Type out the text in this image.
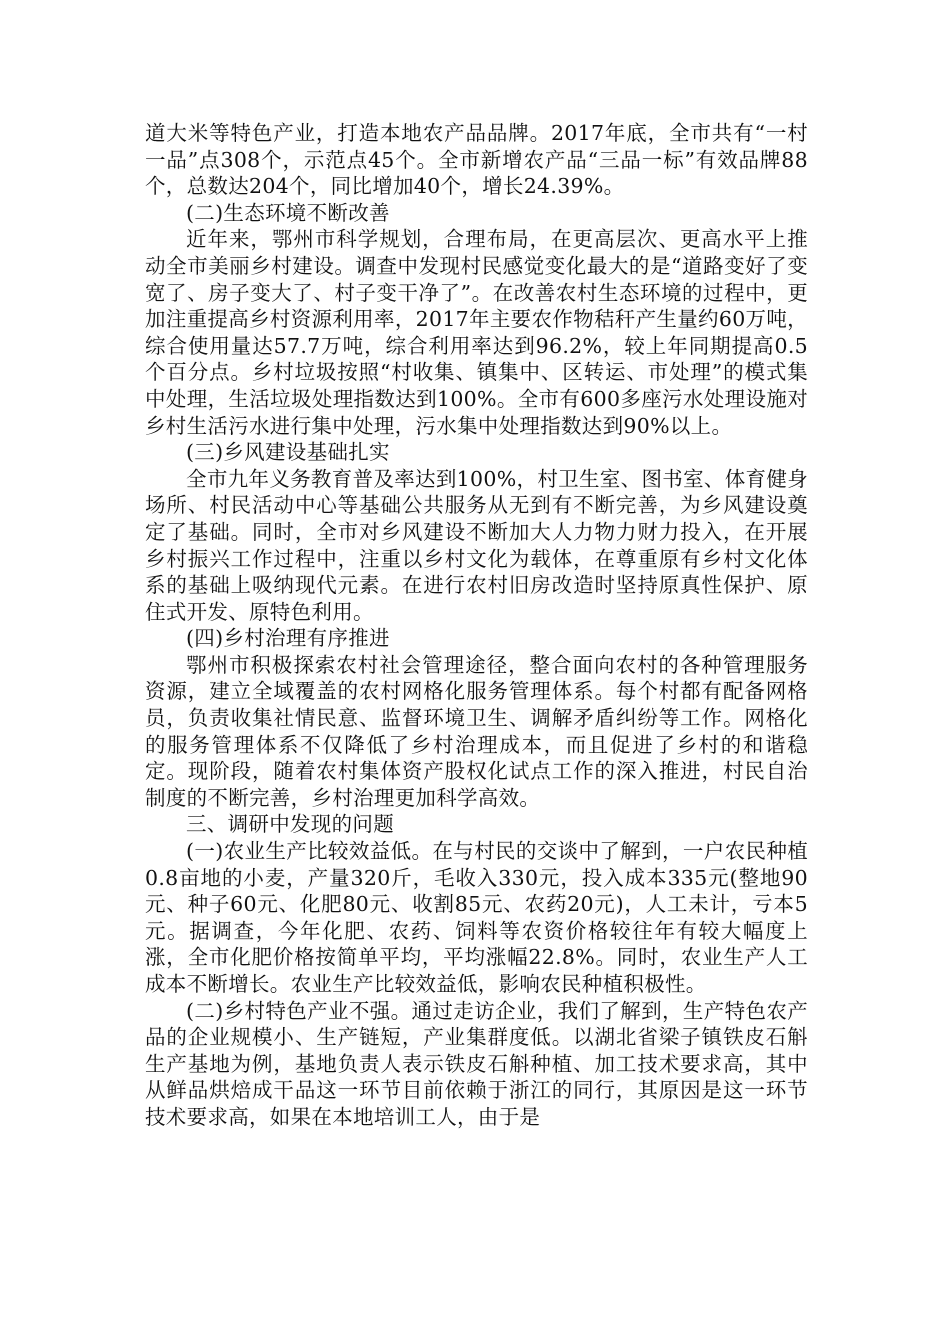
道大米等特色产业，打造本地农产品品牌。2017年底，全市共有“一村一品”点308个，示范点45个。全市新增农产品“三品一标”有效品牌88个，总数达204个，同比增加40个，增长24.39%。

(二)生态环境不断改善

近年来，鄂州市科学规划，合理布局，在更高层次、更高水平上推动全市美丽乡村建设。调查中发现村民感觉变化最大的是“道路变好了变宽了、房子变大了、村子变干净了”。在改善农村生态环境的过程中，更加注重提高乡村资源利用率，2017年主要农作物秸秆产生量约60万吨，综合使用量达57.7万吨，综合利用率达到96.2%，较上年同期提高0.5个百分点。乡村垃圾按照“村收集、镇集中、区转运、市处理”的模式集中处理，生活垃圾处理指数达到100%。全市有600多座污水处理设施对乡村生活污水进行集中处理，污水集中处理指数达到90%以上。

(三)乡风建设基础扎实

全市九年义务教育普及率达到100%，村卫生室、图书室、体育健身场所、村民活动中心等基础公共服务从无到有不断完善，为乡风建设奠定了基础。同时，全市对乡风建设不断加大人力物力财力投入，在开展乡村振兴工作过程中，注重以乡村文化为载体，在尊重原有乡村文化体系的基础上吸纳现代元素。在进行农村旧房改造时坚持原真性保护、原住式开发、原特色利用。

(四)乡村治理有序推进

鄂州市积极探索农村社会管理途径，整合面向农村的各种管理服务资源，建立全域覆盖的农村网格化服务管理体系。每个村都有配备网格员，负责收集社情民意、监督环境卫生、调解矛盾纠纷等工作。网格化的服务管理体系不仅降低了乡村治理成本，而且促进了乡村的和谐稳定。现阶段，随着农村集体资产股权化试点工作的深入推进，村民自治制度的不断完善，乡村治理更加科学高效。

三、调研中发现的问题

(一)农业生产比较效益低。在与村民的交谈中了解到，一户农民种植0.8亩地的小麦，产量320斤，毛收入330元，投入成本335元(整地90元、种子60元、化肥80元、收割85元、农药20元)，人工未计，亏本5元。据调查，今年化肥、农药、饲料等农资价格较往年有较大幅度上涨，全市化肥价格按简单平均，平均涨幅22.8%。同时，农业生产人工成本不断增长。农业生产比较效益低，影响农民种植积极性。

(二)乡村特色产业不强。通过走访企业，我们了解到，生产特色农产品的企业规模小、生产链短，产业集群度低。以湖北省梁子镇铁皮石斛生产基地为例，基地负责人表示铁皮石斛种植、加工技术要求高，其中从鲜品烘焙成干品这一环节目前依赖于浙江的同行，其原因是这一环节技术要求高，如果在本地培训工人，由于是
